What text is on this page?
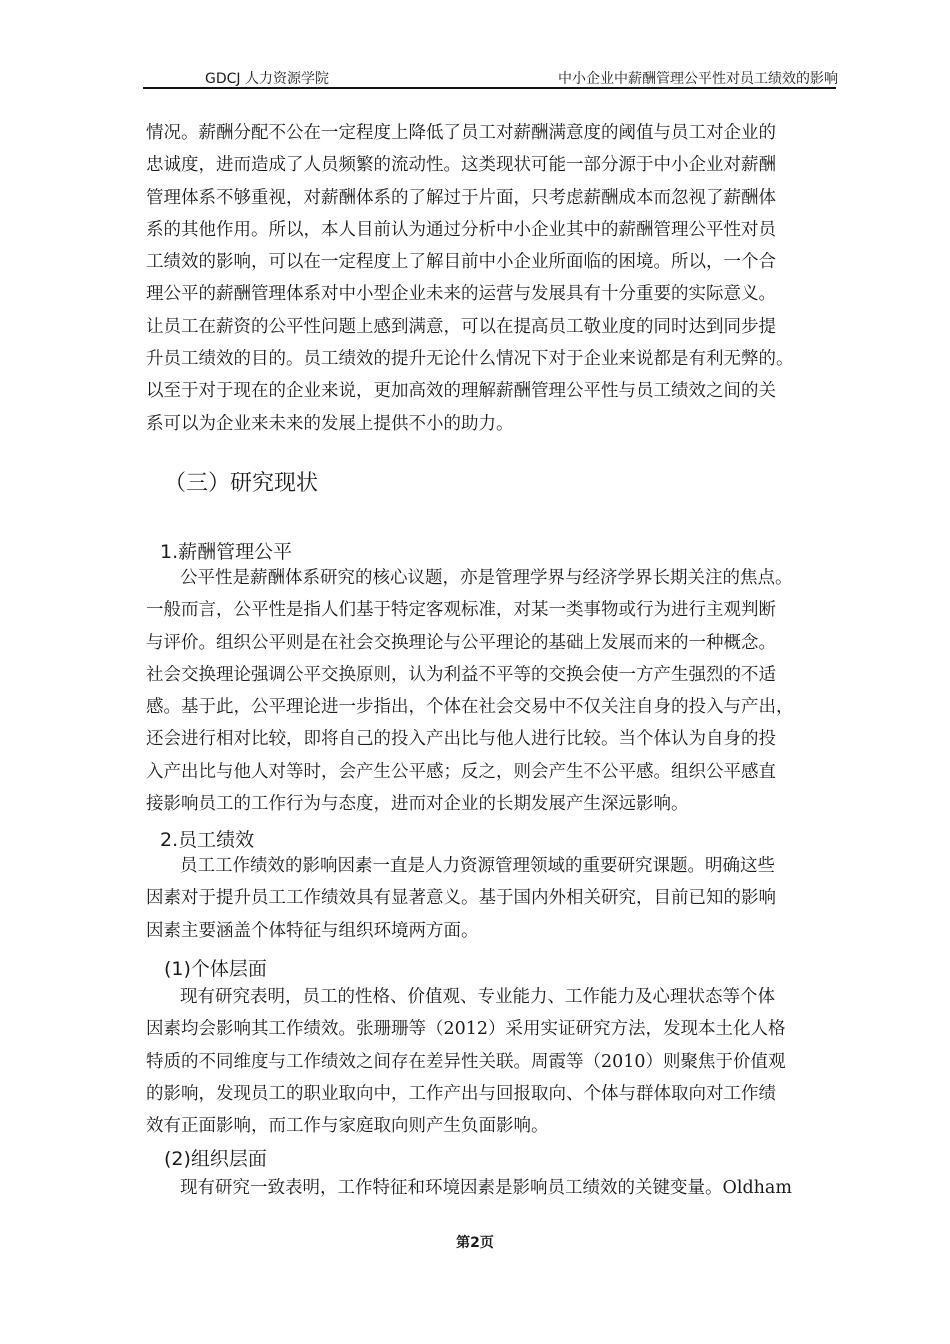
GDCJ 人力资源学院	中小企业中薪酬管理公平性对员工绩效的影响
情况。薪酬分配不公在一定程度上降低了员工对薪酬满意度的阈值与员工对企业的
忠诚度，进而造成了人员频繁的流动性。这类现状可能一部分源于中小企业对薪酬
管理体系不够重视，对薪酬体系的了解过于片面，只考虑薪酬成本而忽视了薪酬体
系的其他作用。所以，本人目前认为通过分析中小企业其中的薪酬管理公平性对员
工绩效的影响，可以在一定程度上了解目前中小企业所面临的困境。所以，一个合
理公平的薪酬管理体系对中小型企业未来的运营与发展具有十分重要的实际意义。
让员工在薪资的公平性问题上感到满意，可以在提高员工敬业度的同时达到同步提
升员工绩效的目的。员工绩效的提升无论什么情况下对于企业来说都是有利无弊的。
以至于对于现在的企业来说，更加高效的理解薪酬管理公平性与员工绩效之间的关
系可以为企业来未来的发展上提供不小的助力。
（三）研究现状
1.薪酬管理公平
公平性是薪酬体系研究的核心议题，亦是管理学界与经济学界长期关注的焦点。
一般而言，公平性是指人们基于特定客观标准，对某一类事物或行为进行主观判断
与评价。组织公平则是在社会交换理论与公平理论的基础上发展而来的一种概念。
社会交换理论强调公平交换原则，认为利益不平等的交换会使一方产生强烈的不适
感。基于此，公平理论进一步指出，个体在社会交易中不仅关注自身的投入与产出，
还会进行相对比较，即将自己的投入产出比与他人进行比较。当个体认为自身的投
入产出比与他人对等时，会产生公平感；反之，则会产生不公平感。组织公平感直
接影响员工的工作行为与态度，进而对企业的长期发展产生深远影响。
2.员工绩效
员工工作绩效的影响因素一直是人力资源管理领域的重要研究课题。明确这些
因素对于提升员工工作绩效具有显著意义。基于国内外相关研究，目前已知的影响
因素主要涵盖个体特征与组织环境两方面。
(1)个体层面
现有研究表明，员工的性格、价值观、专业能力、工作能力及心理状态等个体
因素均会影响其工作绩效。张珊珊等（2012）采用实证研究方法，发现本土化人格
特质的不同维度与工作绩效之间存在差异性关联。周霞等（2010）则聚焦于价值观
的影响，发现员工的职业取向中，工作产出与回报取向、个体与群体取向对工作绩
效有正面影响，而工作与家庭取向则产生负面影响。
(2)组织层面
现有研究一致表明，工作特征和环境因素是影响员工绩效的关键变量。Oldham
第2页
